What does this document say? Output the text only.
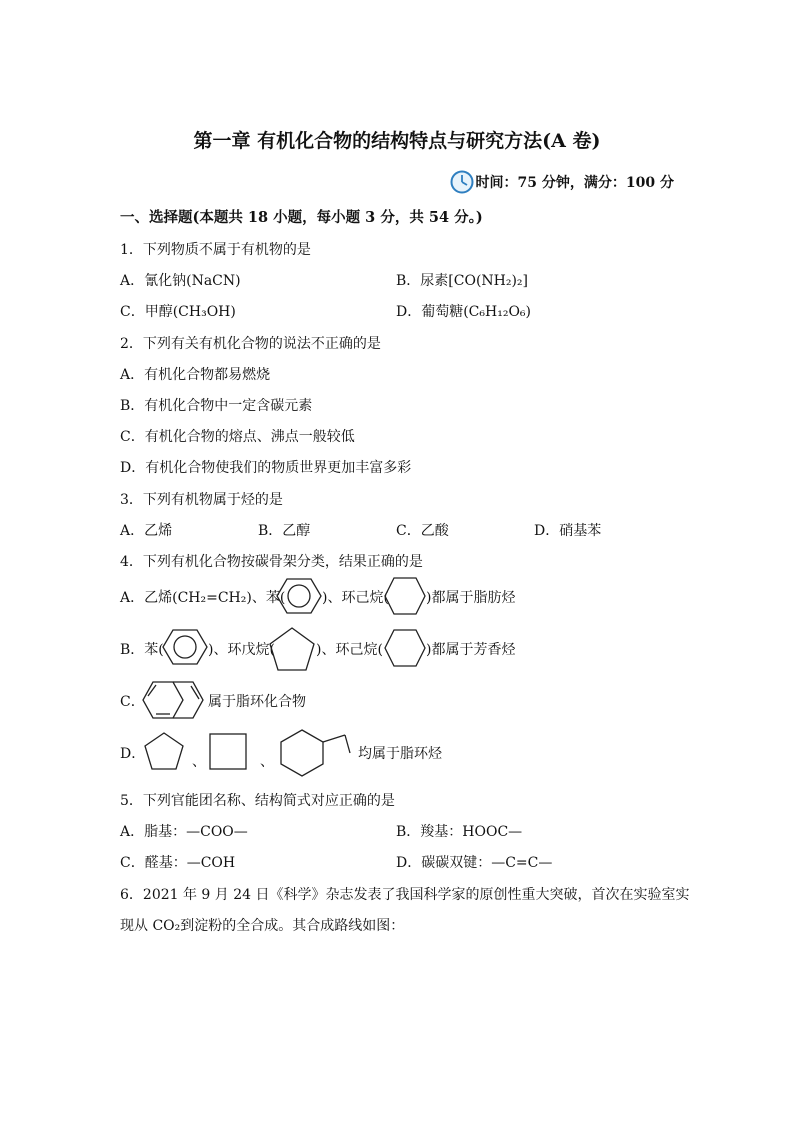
第一章 有机化合物的结构特点与研究方法(A 卷)
时间：75 分钟，满分：100 分
一、选择题(本题共 18 小题，每小题 3 分，共 54 分。)
1．下列物质不属于有机物的是
A．氰化钠(NaCN)	B．尿素[CO(NH₂)₂]
C．甲醇(CH₃OH)	D．葡萄糖(C₆H₁₂O₆)
2．下列有关有机化合物的说法不正确的是
A．有机化合物都易燃烧
B．有机化合物中一定含碳元素
C．有机化合物的熔点、沸点一般较低
D．有机化合物使我们的物质世界更加丰富多彩
3．下列有机物属于烃的是
A．乙烯	B．乙醇	C．乙酸	D．硝基苯
4．下列有机化合物按碳骨架分类，结果正确的是
A．乙烯(CH₂=CH₂)、苯(	)、环己烷(	)都属于脂肪烃
B．苯(	)、环戊烷(	)、环己烷(	)都属于芳香烃
C．	属于脂环化合物
D．	、	、	均属于脂环烃
5．下列官能团名称、结构简式对应正确的是
A．脂基：—COO—	B．羧基：HOOC—
C．醛基：—COH	D．碳碳双键：—C=C—
6．2021 年 9 月 24 日《科学》杂志发表了我国科学家的原创性重大突破，首次在实验室实
现从 CO₂到淀粉的全合成。其合成路线如图：
